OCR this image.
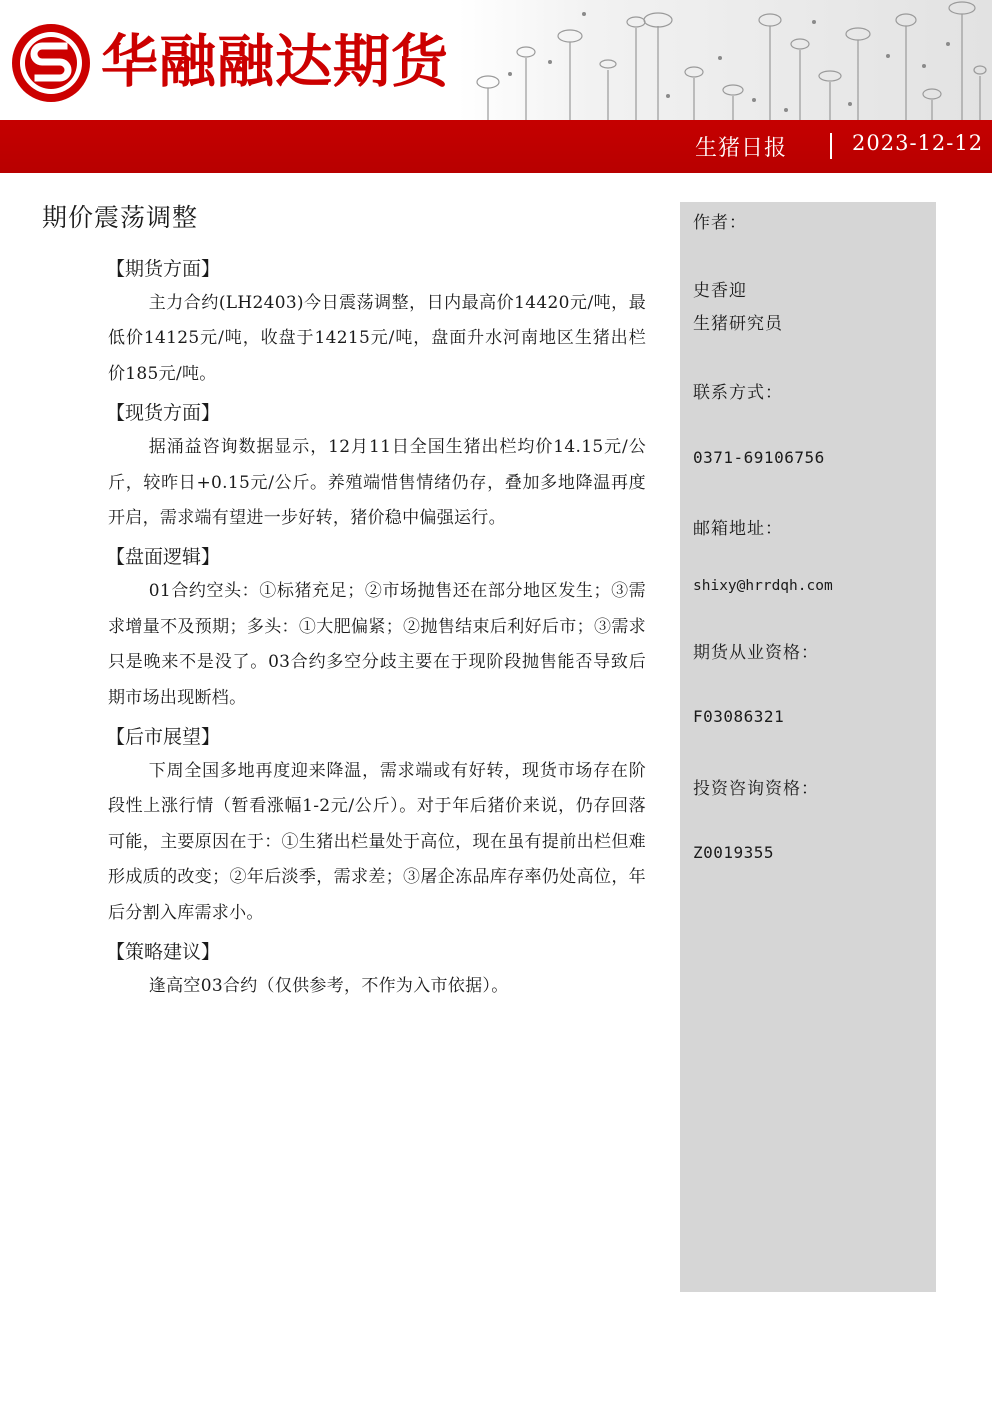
华融融达期货
生猪日报	2023-12-12
期价震荡调整
【期货方面】

主力合约(LH2403)今日震荡调整，日内最高价14420元/吨，最低价14125元/吨，收盘于14215元/吨，盘面升水河南地区生猪出栏价185元/吨。

【现货方面】

据涌益咨询数据显示，12月11日全国生猪出栏均价14.15元/公斤，较昨日+0.15元/公斤。养殖端惜售情绪仍存，叠加多地降温再度开启，需求端有望进一步好转，猪价稳中偏强运行。

【盘面逻辑】

01合约空头：①标猪充足；②市场抛售还在部分地区发生；③需求增量不及预期；多头：①大肥偏紧；②抛售结束后利好后市；③需求只是晚来不是没了。03合约多空分歧主要在于现阶段抛售能否导致后期市场出现断档。

【后市展望】

下周全国多地再度迎来降温，需求端或有好转，现货市场存在阶段性上涨行情（暂看涨幅1-2元/公斤）。对于年后猪价来说，仍存回落可能，主要原因在于：①生猪出栏量处于高位，现在虽有提前出栏但难形成质的改变；②年后淡季，需求差；③屠企冻品库存率仍处高位，年后分割入库需求小。

【策略建议】

逢高空03合约（仅供参考，不作为入市依据）。

作者：
史香迎
生猪研究员
联系方式：
0371-69106756
邮箱地址：
shixy@hrrdqh.com
期货从业资格：
F03086321
投资咨询资格：
Z0019355
